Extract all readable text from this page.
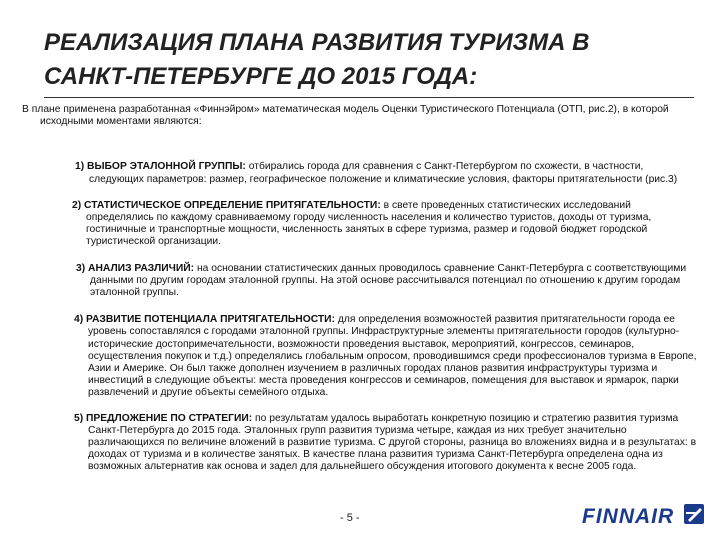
РЕАЛИЗАЦИЯ ПЛАНА РАЗВИТИЯ ТУРИЗМА В
САНКТ-ПЕТЕРБУРГЕ ДО 2015 ГОДА:

В плане применена разработанная «Финнэйром» математическая модель Оценки Туристического Потенциала (ОТП, рис.2), в которой исходными моментами являются:

1) ВЫБОР ЭТАЛОННОЙ ГРУППЫ: отбирались города для сравнения с Санкт-Петербургом по схожести, в частности, следующих параметров: размер, географическое положение и климатические условия, факторы притягательности (рис.3)

2) СТАТИСТИЧЕСКОЕ ОПРЕДЕЛЕНИЕ ПРИТЯГАТЕЛЬНОСТИ: в свете проведенных статистических исследований определялись по каждому сравниваемому городу численность населения и количество туристов, доходы от туризма, гостиничные и транспортные мощности, численность занятых в сфере туризма, размер и годовой бюджет городской туристической организации.

3) АНАЛИЗ РАЗЛИЧИЙ: на основании статистических данных проводилось сравнение Санкт-Петербурга с соответствующими данными по другим городам эталонной группы. На этой основе рассчитывался потенциал по отношению к другим городам эталонной группы.

4) РАЗВИТИЕ ПОТЕНЦИАЛА ПРИТЯГАТЕЛЬНОСТИ: для определения возможностей развития притягательности города ее уровень сопоставлялся с городами эталонной группы. Инфраструктурные элементы притягательности городов (культурно-исторические достопримечательности, возможности проведения выставок, мероприятий, конгрессов, семинаров, осуществления покупок и т.д.) определялись глобальным опросом, проводившимся среди профессионалов туризма в Европе, Азии и Америке. Он был также дополнен изучением в различных городах планов развития инфраструктуры туризма и инвестиций в следующие объекты: места проведения конгрессов и семинаров, помещения для выставок и ярмарок, парки развлечений и другие объекты семейного отдыха.

5) ПРЕДЛОЖЕНИЕ ПО СТРАТЕГИИ: по результатам удалось выработать конкретную позицию и стратегию развития туризма Санкт-Петербурга до 2015 года. Эталонных групп развития туризма четыре, каждая из них требует значительно различающихся по величине вложений в развитие туризма. С другой стороны, разница во вложениях видна и в результатах: в доходах от туризма и в количестве занятых. В качестве плана развития туризма Санкт-Петербурга определена одна из возможных альтернатив как основа и задел для дальнейшего обсуждения итогового документа к весне 2005 года.

- 5 -	FINNAIR
